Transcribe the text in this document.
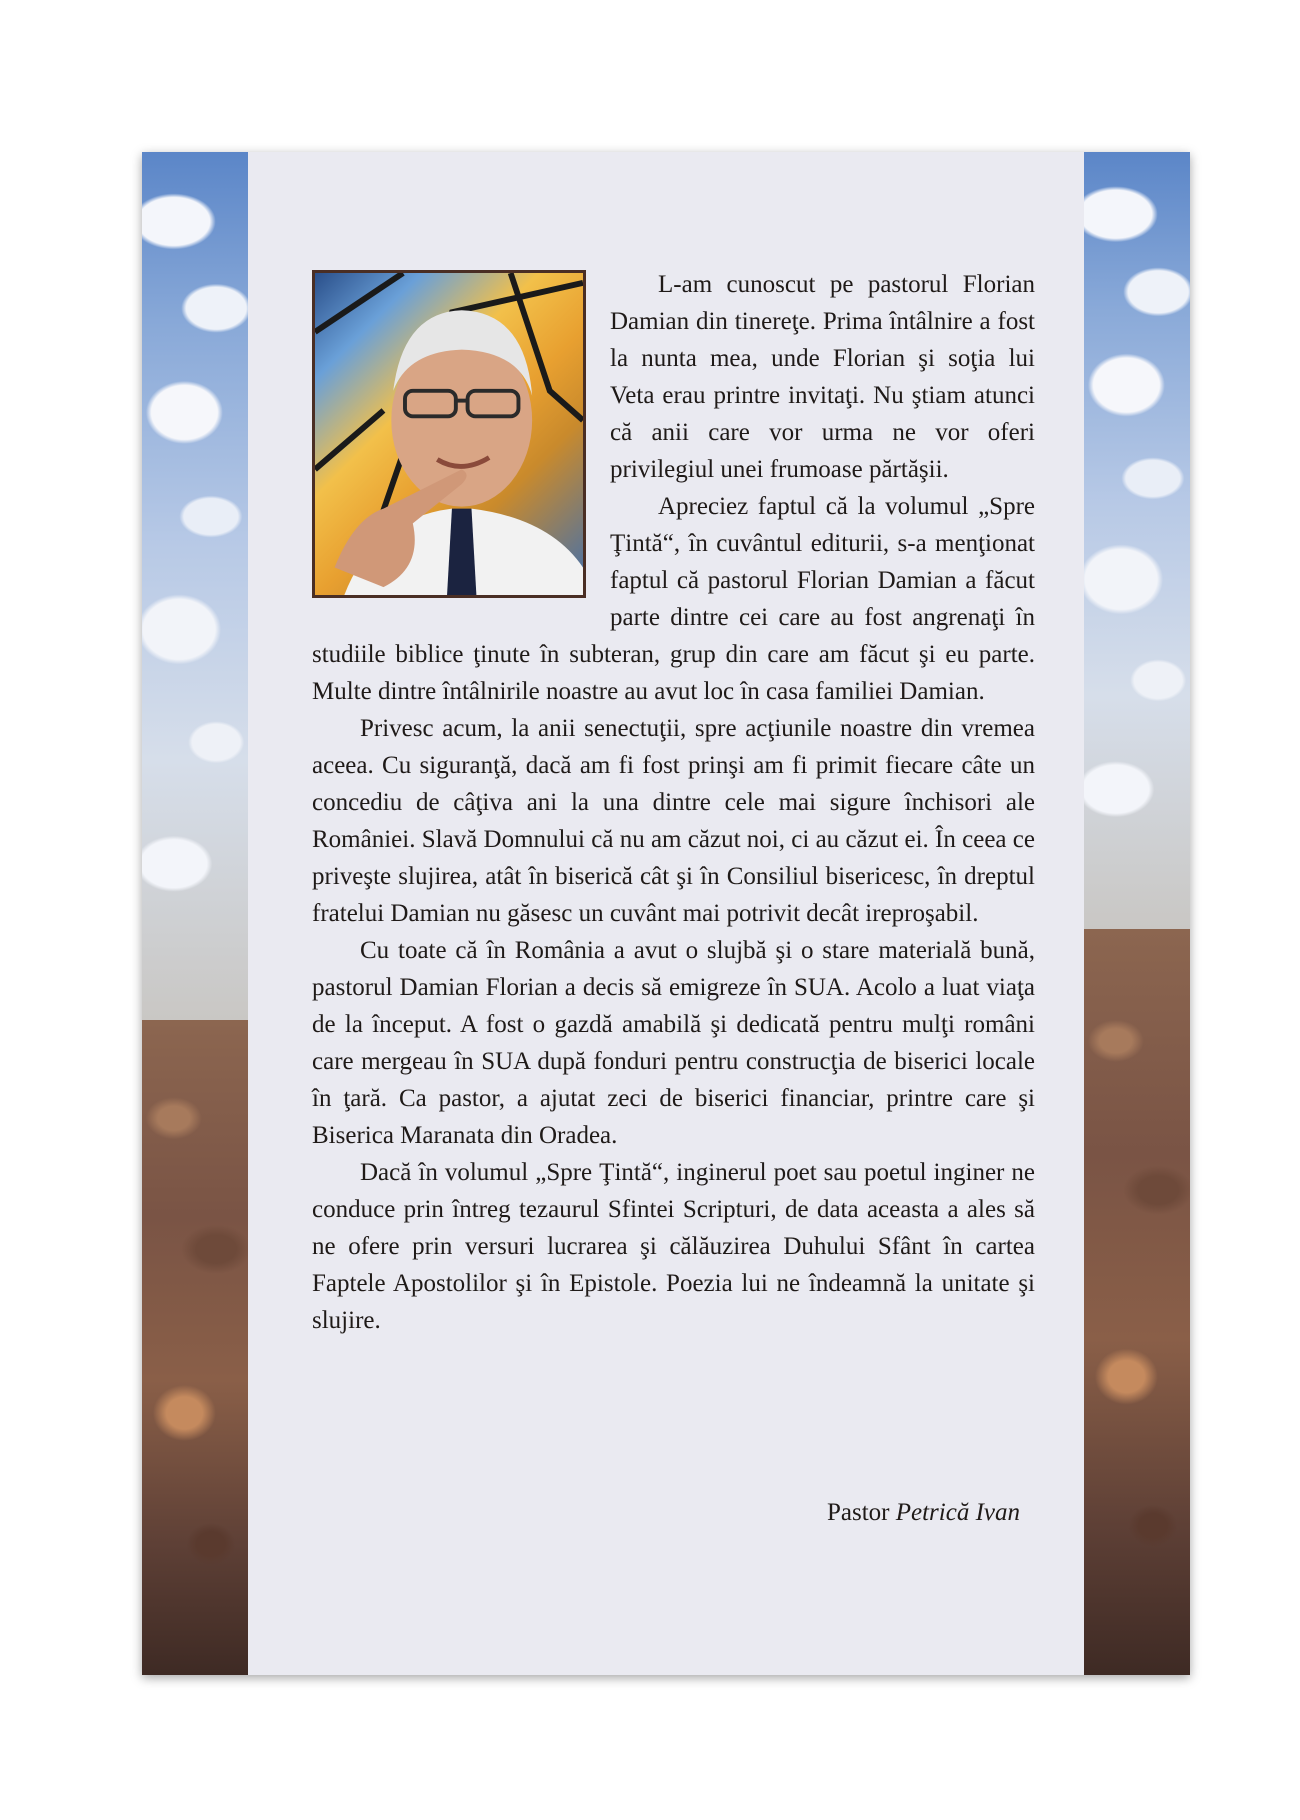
L-am cunoscut pe pastorul Florian Damian din tinereţe. Prima întâlnire a fost la nunta mea, unde Florian şi soţia lui Veta erau printre invitaţi. Nu ştiam atunci că anii care vor urma ne vor oferi privilegiul unei frumoase părtăşii.

Apreciez faptul că la volumul „Spre Ţintă“, în cuvântul editurii, s-a menţionat faptul că pastorul Florian Damian a făcut parte dintre cei care au fost angrenaţi în studiile biblice ţinute în subteran, grup din care am făcut şi eu parte. Multe dintre întâlnirile noastre au avut loc în casa familiei Damian.

Privesc acum, la anii senectuţii, spre acţiunile noastre din vremea aceea. Cu siguranţă, dacă am fi fost prinşi am fi primit fiecare câte un concediu de câţiva ani la una dintre cele mai sigure închisori ale României. Slavă Domnului că nu am căzut noi, ci au căzut ei. În ceea ce priveşte slujirea, atât în biserică cât şi în Consiliul bisericesc, în dreptul fratelui Damian nu găsesc un cuvânt mai potrivit decât ireproşabil.

Cu toate că în România a avut o slujbă şi o stare materială bună, pastorul Damian Florian a decis să emigreze în SUA. Acolo a luat viaţa de la început. A fost o gazdă amabilă şi dedicată pentru mulţi români care mergeau în SUA după fonduri pentru construcţia de biserici locale în ţară. Ca pastor, a ajutat zeci de biserici financiar, printre care şi Biserica Maranata din Oradea.

Dacă în volumul „Spre Ţintă“, inginerul poet sau poetul inginer ne conduce prin întreg tezaurul Sfintei Scripturi, de data aceasta a ales să ne ofere prin versuri lucrarea şi călăuzirea Duhului Sfânt în cartea Faptele Apostolilor şi în Epistole. Poezia lui ne îndeamnă la unitate şi slujire.

Pastor Petrică Ivan
